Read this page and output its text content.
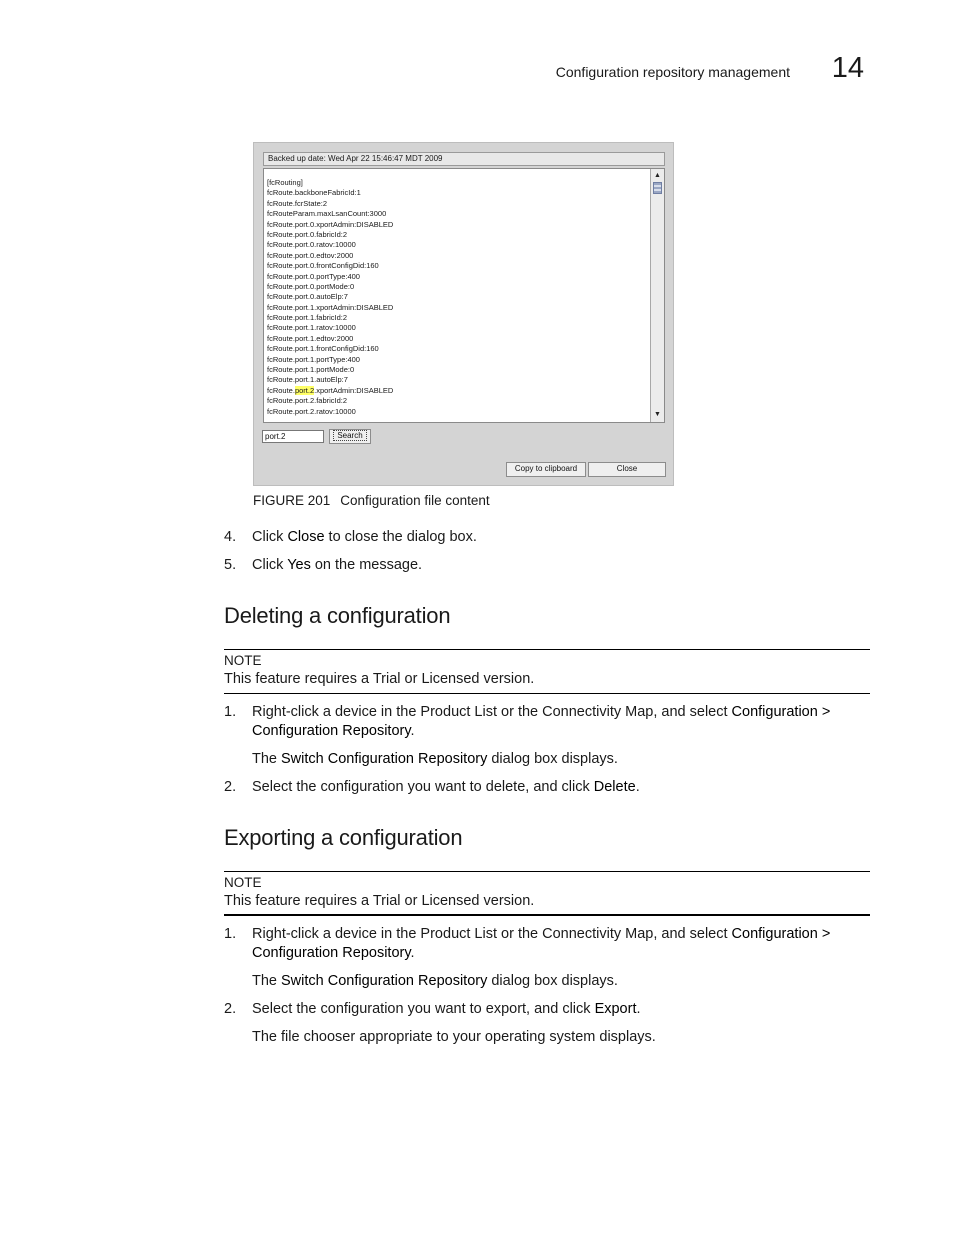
Configuration repository management 14
Backed up date: Wed Apr 22 15:46:47 MDT 2009
[fcRouting]
fcRoute.backboneFabricId:1
fcRoute.fcrState:2
fcRouteParam.maxLsanCount:3000
fcRoute.port.0.xportAdmin:DISABLED
fcRoute.port.0.fabricId:2
fcRoute.port.0.ratov:10000
fcRoute.port.0.edtov:2000
fcRoute.port.0.frontConfigDid:160
fcRoute.port.0.portType:400
fcRoute.port.0.portMode:0
fcRoute.port.0.autoElp:7
fcRoute.port.1.xportAdmin:DISABLED
fcRoute.port.1.fabricId:2
fcRoute.port.1.ratov:10000
fcRoute.port.1.edtov:2000
fcRoute.port.1.frontConfigDid:160
fcRoute.port.1.portType:400
fcRoute.port.1.portMode:0
fcRoute.port.1.autoElp:7
fcRoute.port.2.xportAdmin:DISABLED
fcRoute.port.2.fabricId:2
fcRoute.port.2.ratov:10000
▲
▼
port.2
Search
Copy to clipboard	Close
FIGURE 201 Configuration file content
4. Click Close to close the dialog box.
5. Click Yes on the message.
Deleting a configuration
NOTE
This feature requires a Trial or Licensed version.
1. Right-click a device in the Product List or the Connectivity Map, and select Configuration >
Configuration Repository.
The Switch Configuration Repository dialog box displays.
2. Select the configuration you want to delete, and click Delete.
Exporting a configuration
NOTE
This feature requires a Trial or Licensed version.
1. Right-click a device in the Product List or the Connectivity Map, and select Configuration >
Configuration Repository.
The Switch Configuration Repository dialog box displays.
2. Select the configuration you want to export, and click Export.
The file chooser appropriate to your operating system displays.
